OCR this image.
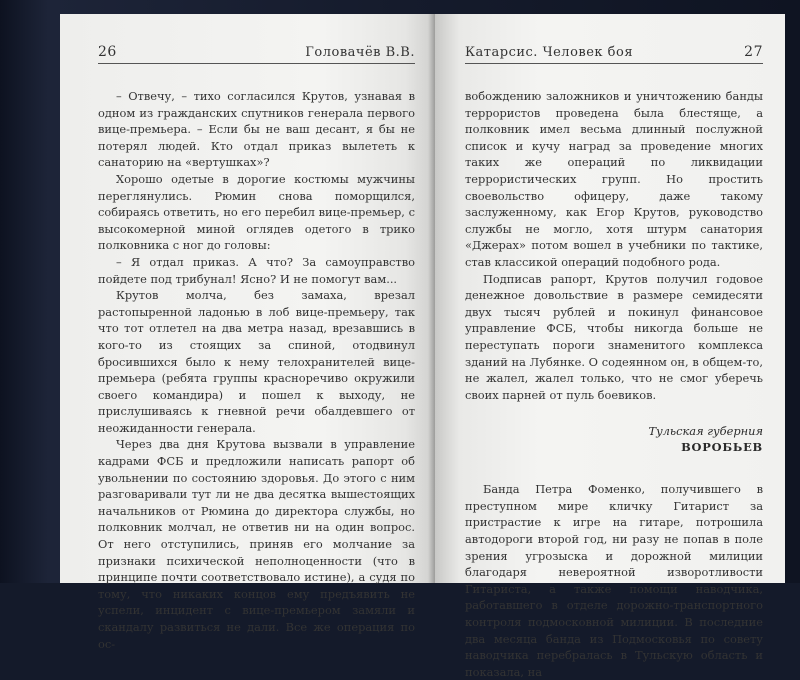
26	Головачёв В.В.

– Отвечу, – тихо согласился Крутов, узнавая в одном из гражданских спутников генерала первого вице-премьера. – Если бы не ваш десант, я бы не потерял людей. Кто отдал приказ вылететь к санаторию на «вертушках»?

Хорошо одетые в дорогие костюмы мужчины переглянулись. Рюмин снова поморщился, собираясь ответить, но его перебил вице-премьер, с высокомерной миной оглядев одетого в трико полковника с ног до головы:

– Я отдал приказ. А что? За самоуправство пойдете под трибунал! Ясно? И не помогут вам...

Крутов молча, без замаха, врезал растопыренной ладонью в лоб вице-премьеру, так что тот отлетел на два метра назад, врезавшись в кого-то из стоящих за спиной, отодвинул бросившихся было к нему телохранителей вице-премьера (ребята группы красноречиво окружили своего командира) и пошел к выходу, не прислушиваясь к гневной речи обалдевшего от неожиданности генерала.

Через два дня Крутова вызвали в управление кадрами ФСБ и предложили написать рапорт об увольнении по состоянию здоровья. До этого с ним разговаривали тут ли не два десятка вышестоящих начальников от Рюмина до директора службы, но полковник молчал, не ответив ни на один вопрос. От него отступились, приняв его молчание за признаки психической неполноценности (что в принципе почти соответствовало истине), а судя по тому, что никаких концов ему предъявить не успели, инцидент с вице-премьером замяли и скандалу развиться не дали. Все же операция по ос-

Катарсис. Человек боя	27

вобождению заложников и уничтожению банды террористов проведена была блестяще, а полковник имел весьма длинный послужной список и кучу наград за проведение многих таких же операций по ликвидации террористических групп. Но простить своевольство офицеру, даже такому заслуженному, как Егор Крутов, руководство службы не могло, хотя штурм санатория «Джерах» потом вошел в учебники по тактике, став классикой операций подобного рода.

Подписав рапорт, Крутов получил годовое денежное довольствие в размере семидесяти двух тысяч рублей и покинул финансовое управление ФСБ, чтобы никогда больше не переступать пороги знаменитого комплекса зданий на Лубянке. О содеянном он, в общем-то, не жалел, жалел только, что не смог уберечь своих парней от пуль боевиков.

Тульская губерния
ВОРОБЬЕВ

Банда Петра Фоменко, получившего в преступном мире кличку Гитарист за пристрастие к игре на гитаре, потрошила автодороги второй год, ни разу не попав в поле зрения угрозыска и дорожной милиции благодаря невероятной изворотливости Гитариста, а также помощи наводчика, работавшего в отделе дорожно-транспортного контроля подмосковной милиции. В последние два месяца банда из Подмосковья по совету наводчика перебралась в Тульскую область и показала, на
